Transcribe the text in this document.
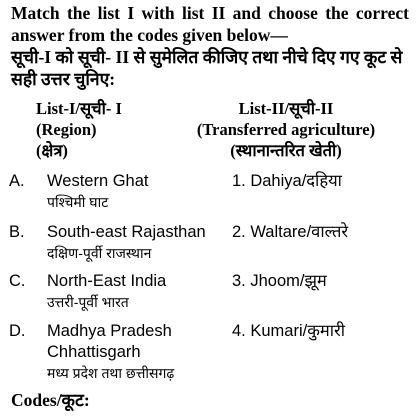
Match the list I with list II and choose the correct answer from the codes given below—
सूची-I को सूची- II से सुमेलित कीजिए तथा नीचे दिए गए कूट से सही उत्तर चुनिए:

List-I/सूची- I
(Region)
(क्षेत्र)
List-II/सूची-II
(Transferred agriculture)
(स्थानान्तरित खेती)
A. Western Ghat
पश्चिमी घाट
1. Dahiya/दहिया
B. South-east Rajasthan
दक्षिण-पूर्वी राजस्थान
2. Waltare/वाल्तरे
C. North-East India
उत्तरी-पूर्वी भारत
3. Jhoom/झूम
D. Madhya Pradesh
Chhattisgarh
मध्य प्रदेश तथा छत्तीसगढ़
4. Kumari/कुमारी

Codes/कूट:
